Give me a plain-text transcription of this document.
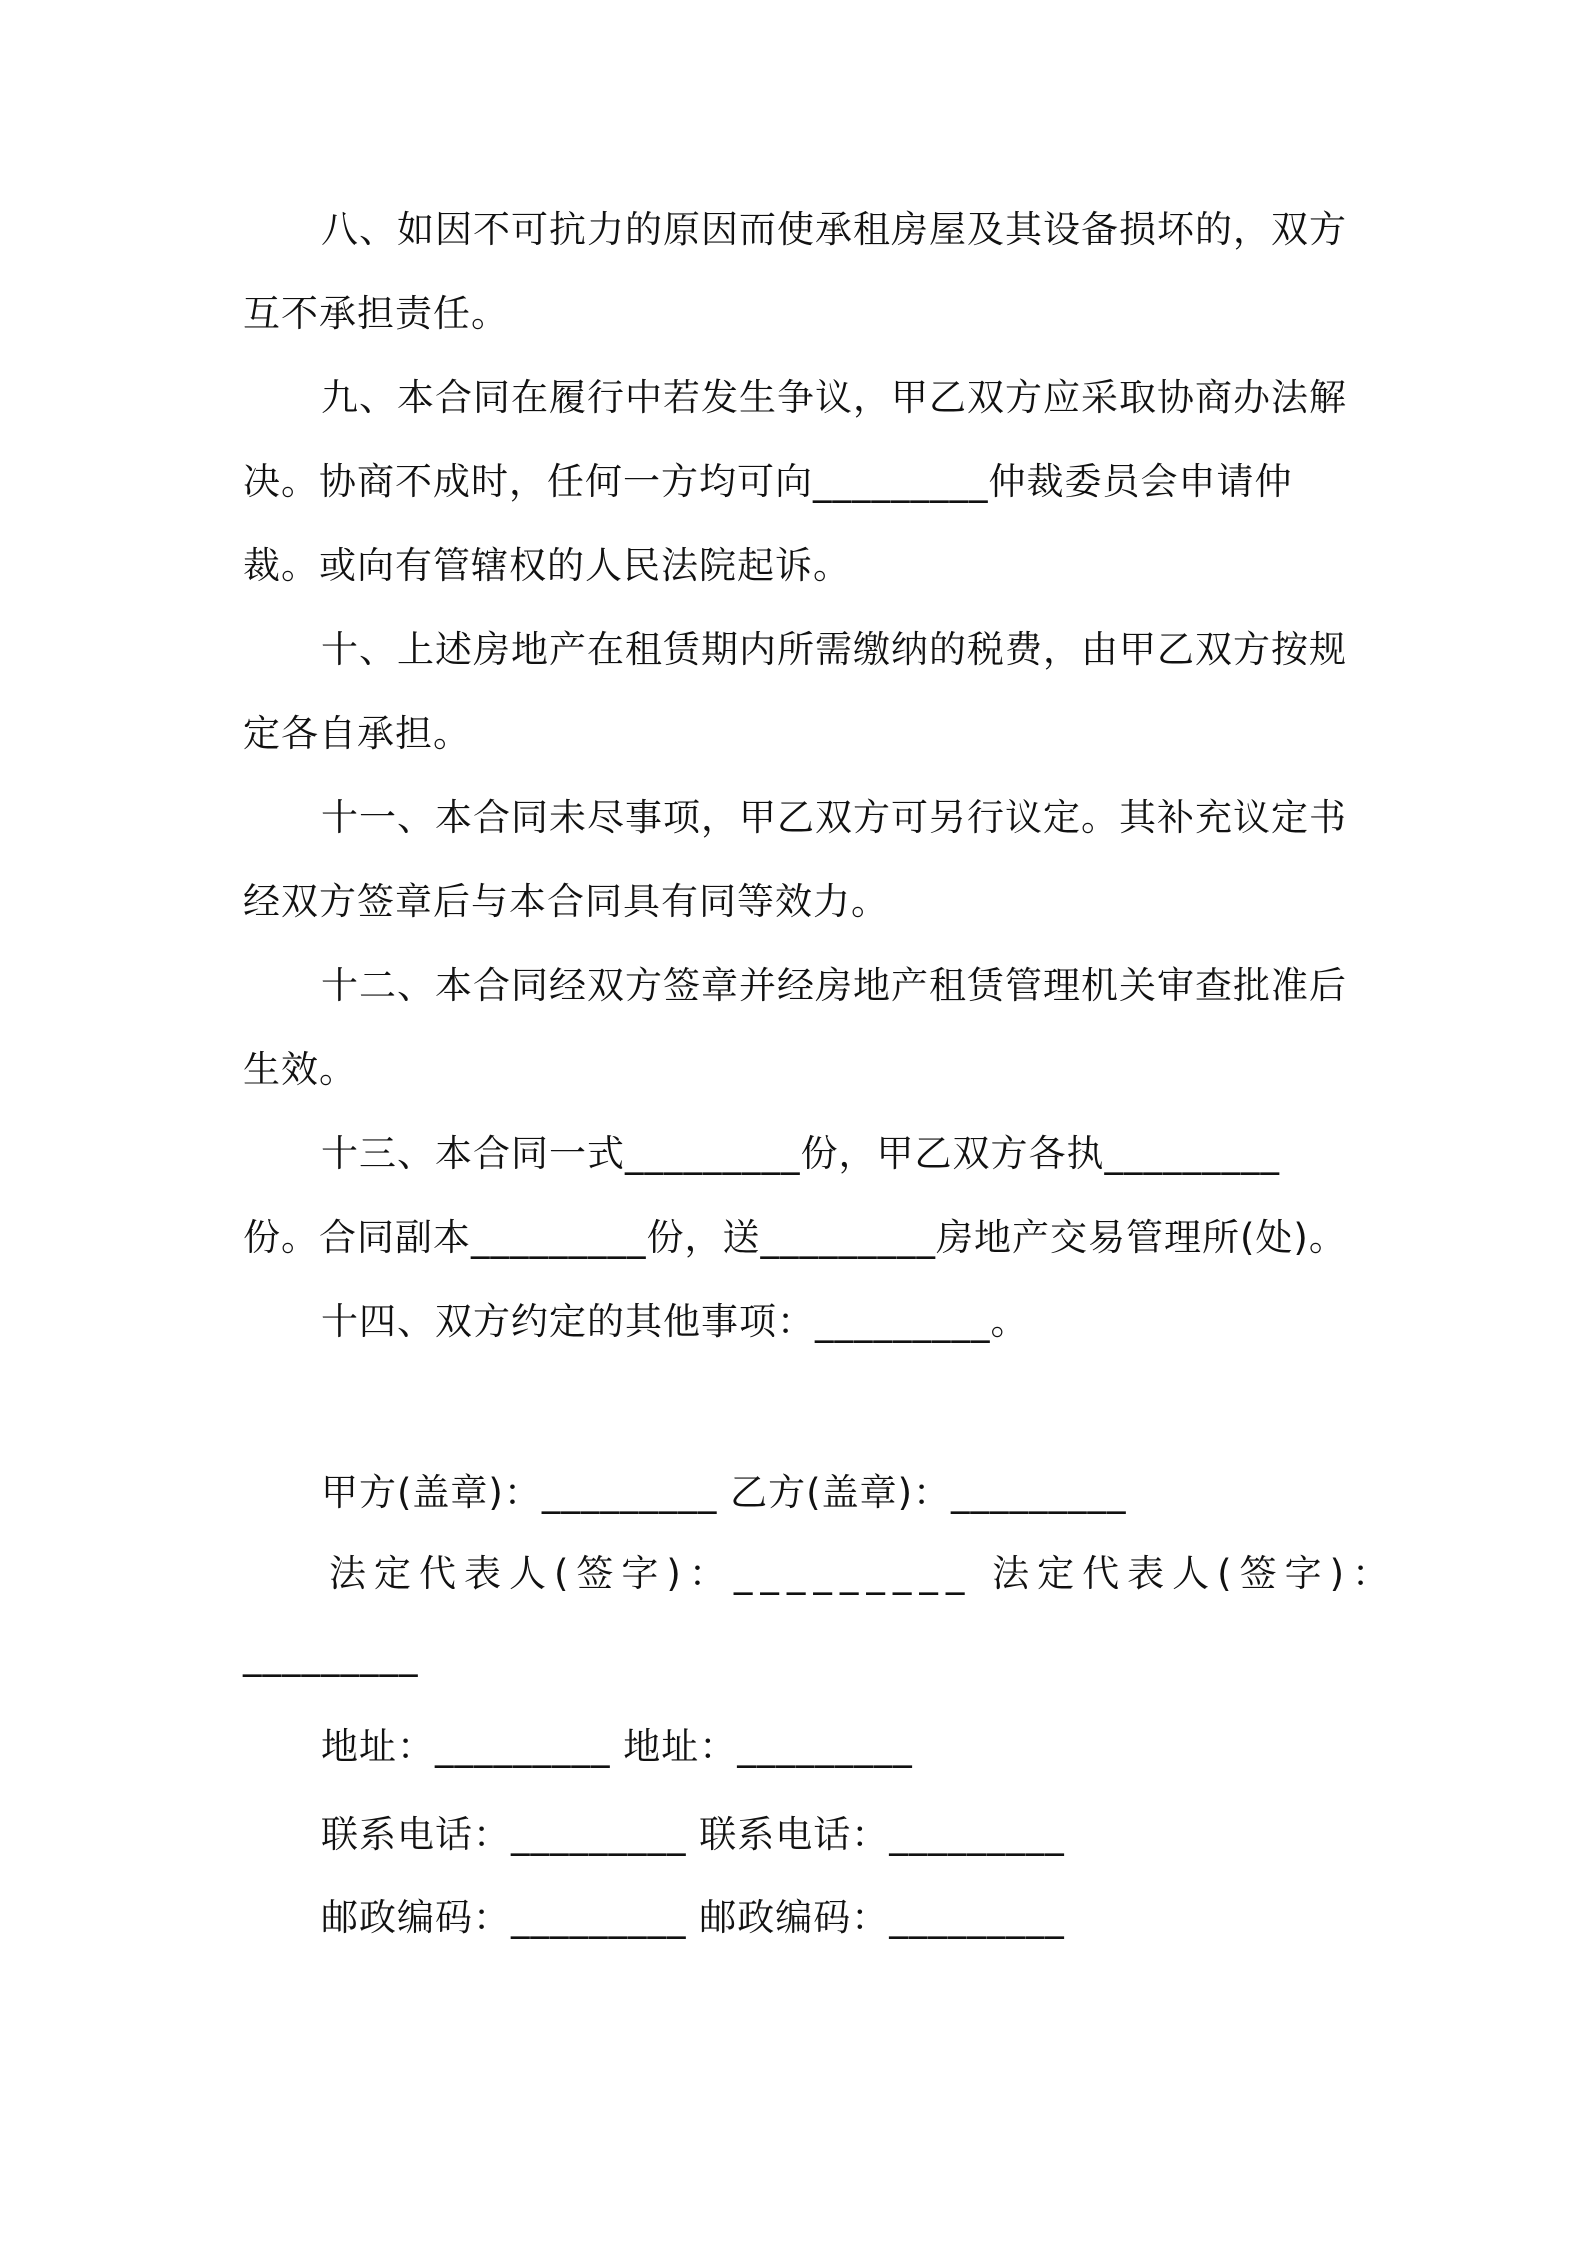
八、如因不可抗力的原因而使承租房屋及其设备损坏的，双方互不承担责任。

九、本合同在履行中若发生争议，甲乙双方应采取协商办法解决。协商不成时，任何一方均可向_________仲裁委员会申请仲裁。或向有管辖权的人民法院起诉。

十、上述房地产在租赁期内所需缴纳的税费，由甲乙双方按规定各自承担。

十一、本合同未尽事项，甲乙双方可另行议定。其补充议定书经双方签章后与本合同具有同等效力。

十二、本合同经双方签章并经房地产租赁管理机关审查批准后生效。

十三、本合同一式_________份，甲乙双方各执_________份。合同副本_________份，送_________房地产交易管理所(处)。

十四、双方约定的其他事项：_________。

甲方(盖章)：_________ 乙方(盖章)：_________
法定代表人(签字)：_________ 法定代表人(签字)：
_________
地址：_________ 地址：_________
联系电话：_________ 联系电话：_________
邮政编码：_________ 邮政编码：_________
